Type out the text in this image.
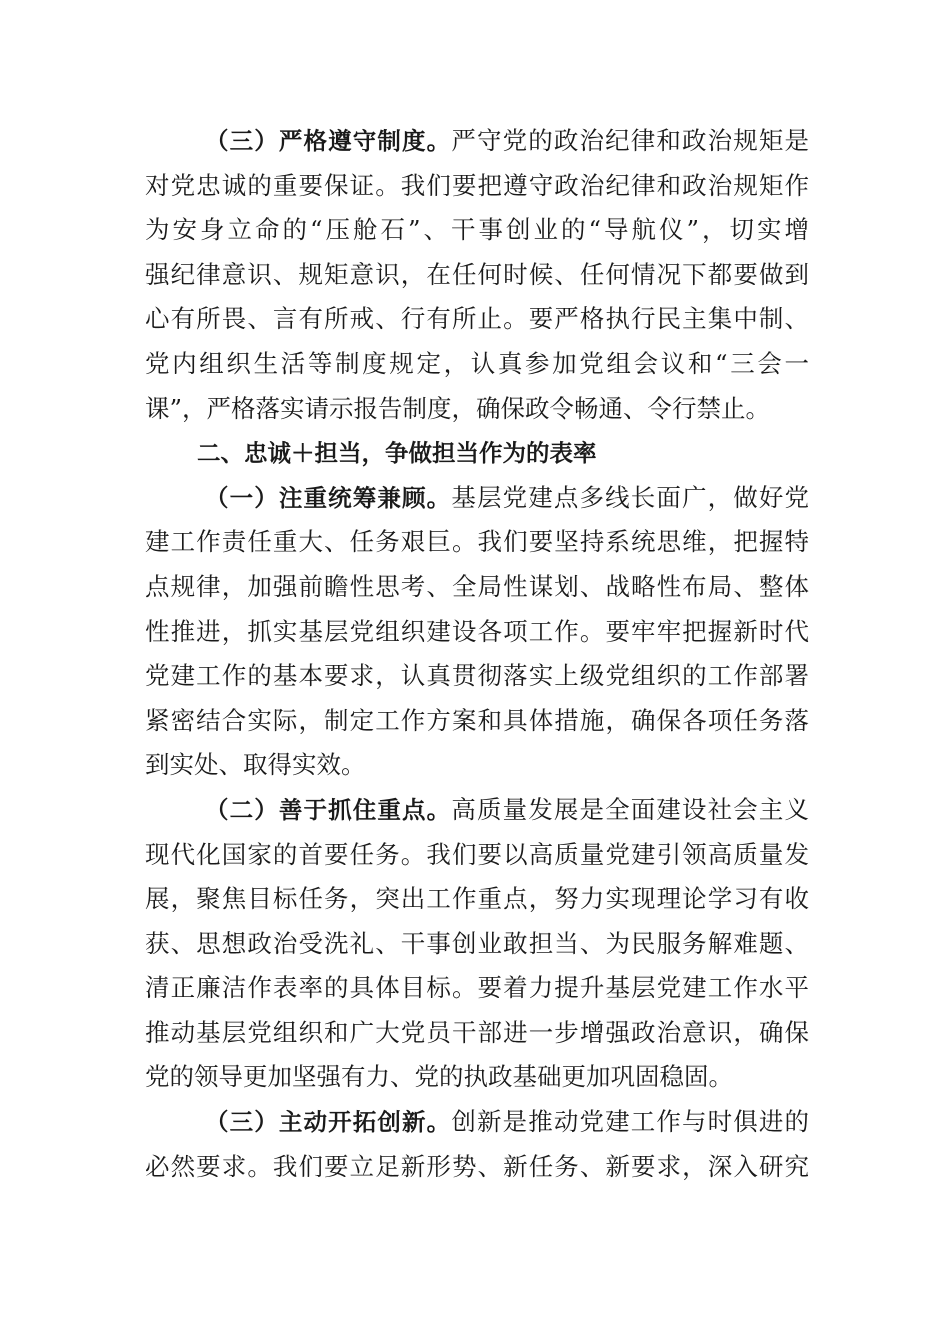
（三）严格遵守制度。严守党的政治纪律和政治规矩是
对党忠诚的重要保证。我们要把遵守政治纪律和政治规矩作
为安身立命的“压舱石”、干事创业的“导航仪”，切实增
强纪律意识、规矩意识，在任何时候、任何情况下都要做到
心有所畏、言有所戒、行有所止。要严格执行民主集中制、
党内组织生活等制度规定，认真参加党组会议和“三会一
课”，严格落实请示报告制度，确保政令畅通、令行禁止。
二、忠诚＋担当，争做担当作为的表率
（一）注重统筹兼顾。基层党建点多线长面广，做好党
建工作责任重大、任务艰巨。我们要坚持系统思维，把握特
点规律，加强前瞻性思考、全局性谋划、战略性布局、整体
性推进，抓实基层党组织建设各项工作。要牢牢把握新时代
党建工作的基本要求，认真贯彻落实上级党组织的工作部署
紧密结合实际，制定工作方案和具体措施，确保各项任务落
到实处、取得实效。
（二）善于抓住重点。高质量发展是全面建设社会主义
现代化国家的首要任务。我们要以高质量党建引领高质量发
展，聚焦目标任务，突出工作重点，努力实现理论学习有收
获、思想政治受洗礼、干事创业敢担当、为民服务解难题、
清正廉洁作表率的具体目标。要着力提升基层党建工作水平
推动基层党组织和广大党员干部进一步增强政治意识，确保
党的领导更加坚强有力、党的执政基础更加巩固稳固。
（三）主动开拓创新。创新是推动党建工作与时俱进的
必然要求。我们要立足新形势、新任务、新要求，深入研究
